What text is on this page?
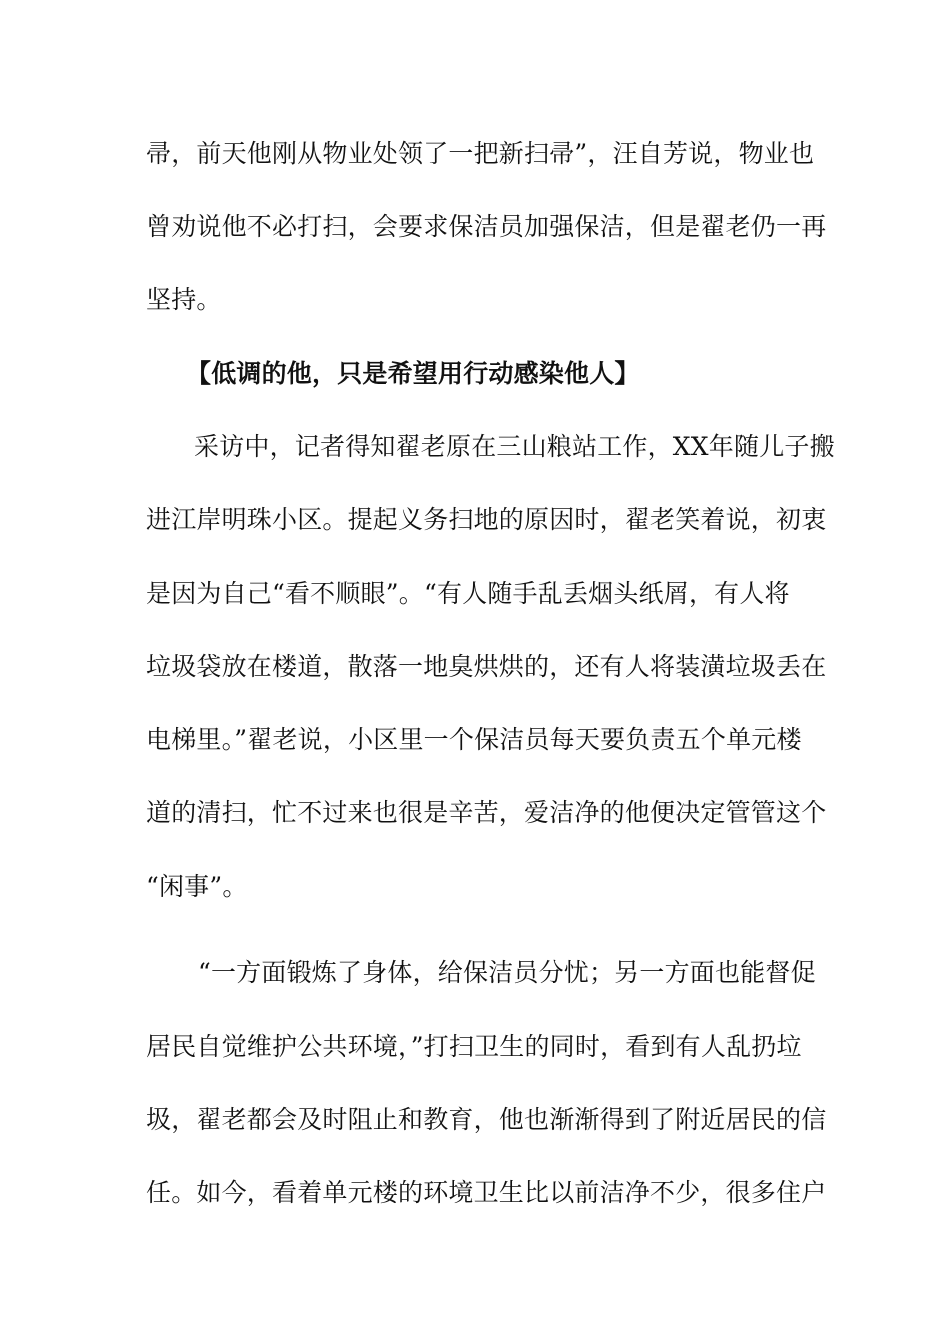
帚，前天他刚从物业处领了一把新扫帚”，汪自芳说，物业也
曾劝说他不必打扫，会要求保洁员加强保洁，但是翟老仍一再
坚持。
【低调的他，只是希望用行动感染他人】
采访中，记者得知翟老原在三山粮站工作，XX年随儿子搬
进江岸明珠小区。提起义务扫地的原因时，翟老笑着说，初衷
是因为自己“看不顺眼”。“有人随手乱丢烟头纸屑，有人将
垃圾袋放在楼道，散落一地臭烘烘的，还有人将装潢垃圾丢在
电梯里。”翟老说，小区里一个保洁员每天要负责五个单元楼
道的清扫，忙不过来也很是辛苦，爱洁净的他便决定管管这个
“闲事”。
“一方面锻炼了身体，给保洁员分忧；另一方面也能督促
居民自觉维护公共环境，”打扫卫生的同时，看到有人乱扔垃
圾，翟老都会及时阻止和教育，他也渐渐得到了附近居民的信
任。如今，看着单元楼的环境卫生比以前洁净不少，很多住户
